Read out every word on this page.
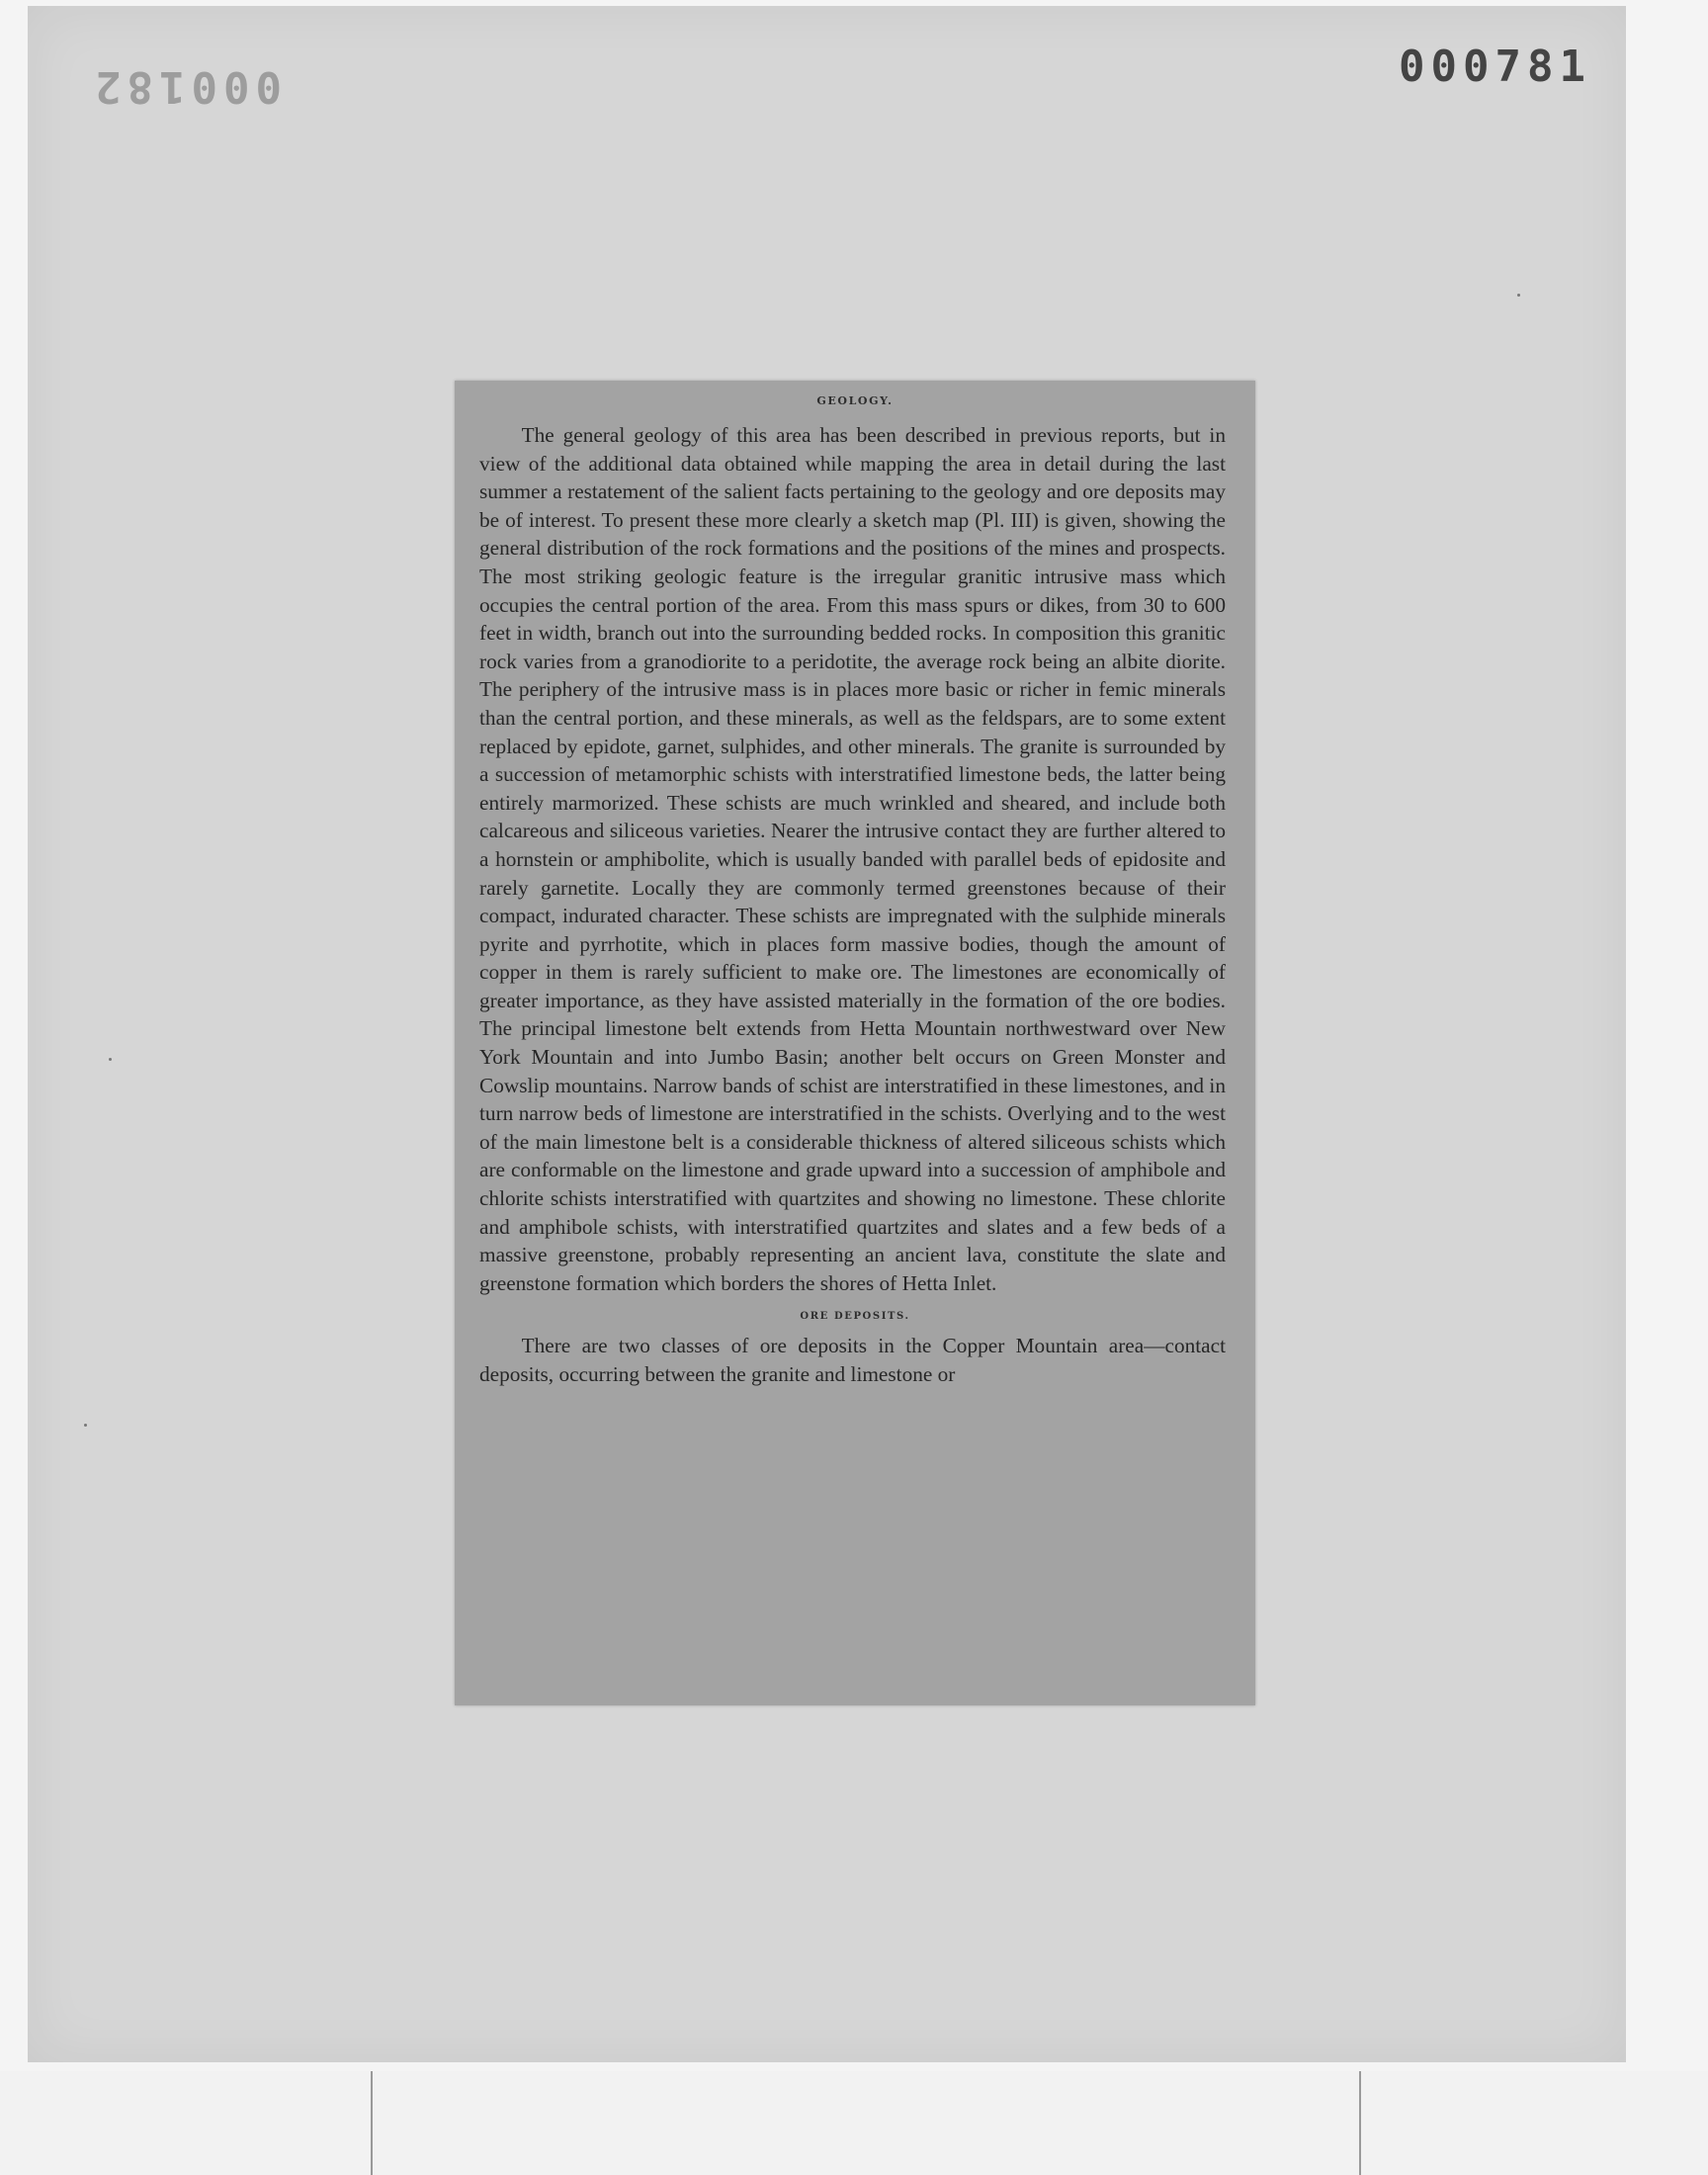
000781
000182
GEOLOGY.

The general geology of this area has been described in previous reports, but in view of the additional data obtained while mapping the area in detail during the last summer a restatement of the salient facts pertaining to the geology and ore deposits may be of interest. To present these more clearly a sketch map (Pl. III) is given, showing the general distribution of the rock formations and the positions of the mines and prospects. The most striking geologic feature is the irregular granitic intrusive mass which occupies the central portion of the area. From this mass spurs or dikes, from 30 to 600 feet in width, branch out into the surrounding bedded rocks. In composition this granitic rock varies from a granodiorite to a peridotite, the average rock being an albite diorite. The periphery of the intrusive mass is in places more basic or richer in femic minerals than the central portion, and these minerals, as well as the feldspars, are to some extent replaced by epidote, garnet, sulphides, and other minerals. The granite is surrounded by a succession of metamorphic schists with interstratified limestone beds, the latter being entirely marmorized. These schists are much wrinkled and sheared, and include both calcareous and siliceous varieties. Nearer the intrusive contact they are further altered to a hornstein or amphibolite, which is usually banded with parallel beds of epidosite and rarely garnetite. Locally they are commonly termed greenstones because of their compact, indurated character. These schists are impregnated with the sulphide minerals pyrite and pyrrhotite, which in places form massive bodies, though the amount of copper in them is rarely sufficient to make ore. The limestones are economically of greater importance, as they have assisted materially in the formation of the ore bodies. The principal limestone belt extends from Hetta Mountain northwestward over New York Mountain and into Jumbo Basin; another belt occurs on Green Monster and Cowslip mountains. Narrow bands of schist are interstratified in these limestones, and in turn narrow beds of limestone are interstratified in the schists. Overlying and to the west of the main limestone belt is a considerable thickness of altered siliceous schists which are conformable on the limestone and grade upward into a succession of amphibole and chlorite schists interstratified with quartzites and showing no limestone. These chlorite and amphibole schists, with interstratified quartzites and slates and a few beds of a massive greenstone, probably representing an ancient lava, constitute the slate and greenstone formation which borders the shores of Hetta Inlet.

ORE DEPOSITS.

There are two classes of ore deposits in the Copper Mountain area—contact deposits, occurring between the granite and limestone or
